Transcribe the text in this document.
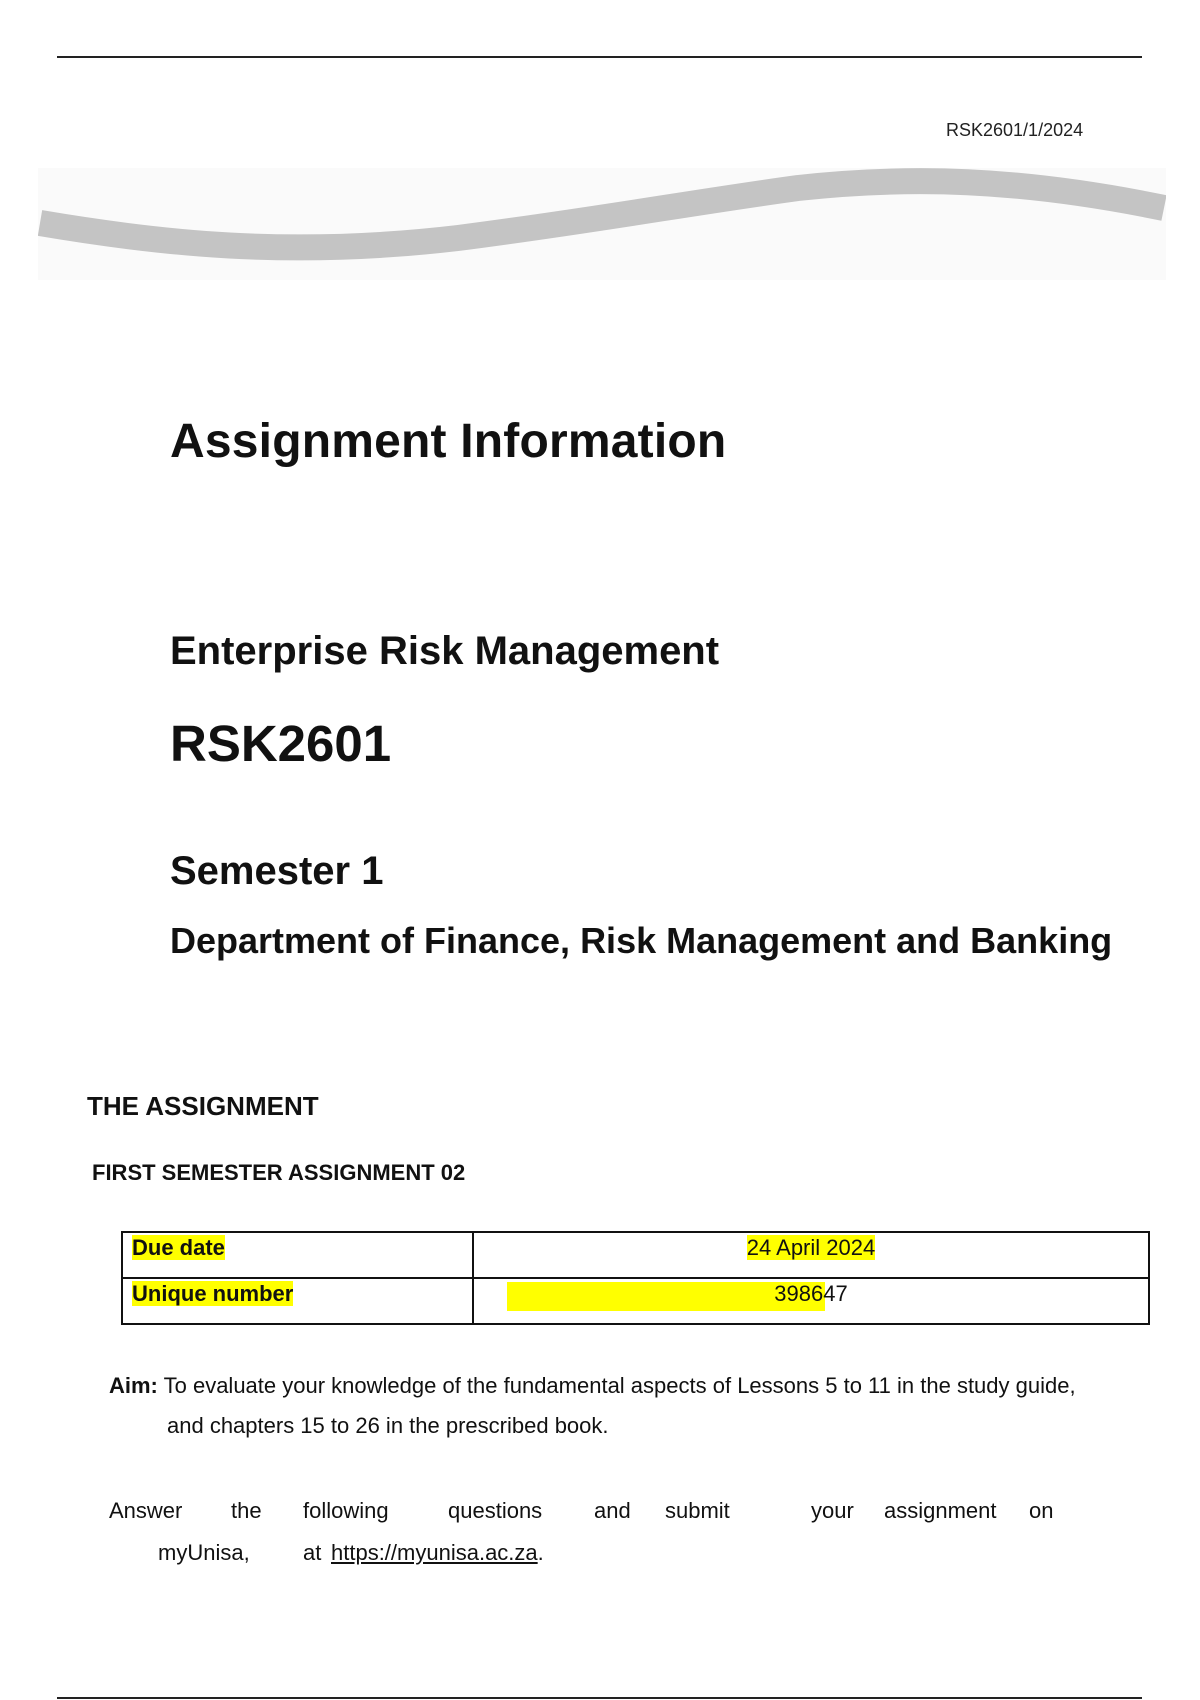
RSK2601/1/2024
Assignment Information
Enterprise Risk Management
RSK2601
Semester 1
Department of Finance, Risk Management and Banking
THE ASSIGNMENT
FIRST SEMESTER ASSIGNMENT 02
Due date	24 April 2024
Unique number	398647
Aim: To evaluate your knowledge of the fundamental aspects of Lessons 5 to 11 in the study guide,
and chapters 15 to 26 in the prescribed book.
Answer the following	questions and submit	your assignment on
myUnisa, at https://myunisa.ac.za.
